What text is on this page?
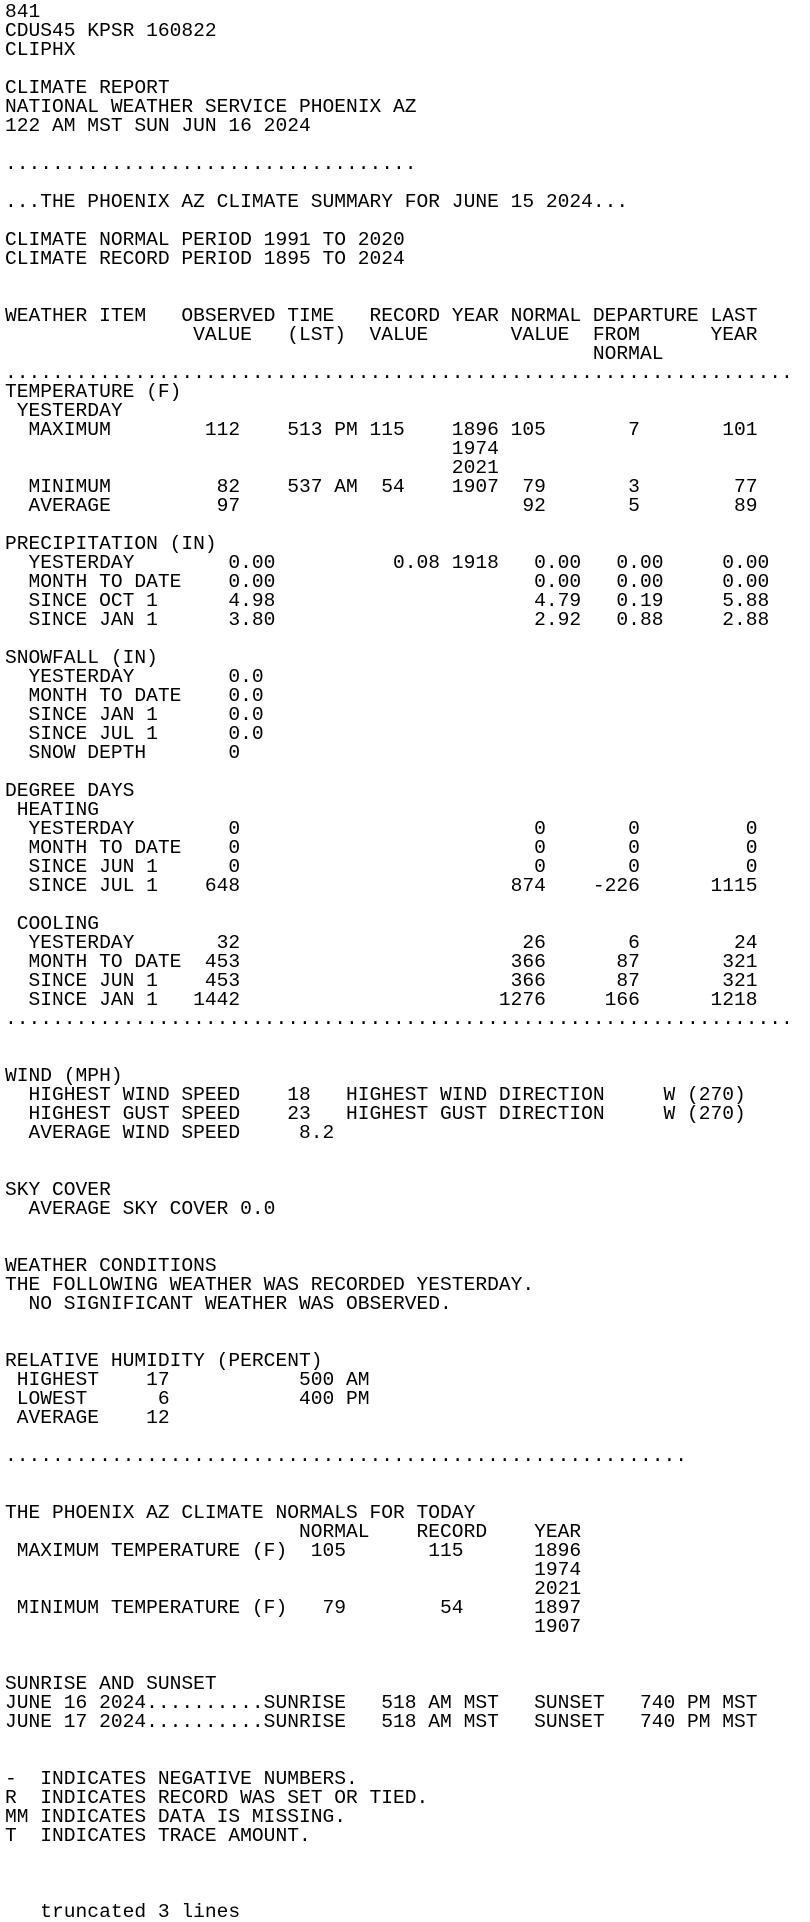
841
CDUS45 KPSR 160822
CLIPHX
CLIMATE REPORT
NATIONAL WEATHER SERVICE PHOENIX AZ
122 AM MST SUN JUN 16 2024
...................................
...THE PHOENIX AZ CLIMATE SUMMARY FOR JUNE 15 2024...
CLIMATE NORMAL PERIOD 1991 TO 2020
CLIMATE RECORD PERIOD 1895 TO 2024
WEATHER ITEM   OBSERVED TIME   RECORD YEAR NORMAL DEPARTURE LAST
VALUE   (LST)  VALUE       VALUE  FROM      YEAR
NORMAL
...................................................................
TEMPERATURE (F)
YESTERDAY
MAXIMUM        112    513 PM 115    1896 105       7       101
1974
2021
MINIMUM         82    537 AM  54    1907  79       3        77
AVERAGE         97                        92       5        89
PRECIPITATION (IN)
YESTERDAY        0.00          0.08 1918   0.00   0.00     0.00
MONTH TO DATE    0.00                      0.00   0.00     0.00
SINCE OCT 1      4.98                      4.79   0.19     5.88
SINCE JAN 1      3.80                      2.92   0.88     2.88
SNOWFALL (IN)
YESTERDAY        0.0
MONTH TO DATE    0.0
SINCE JAN 1      0.0
SINCE JUL 1      0.0
SNOW DEPTH       0
DEGREE DAYS
HEATING
YESTERDAY        0                         0       0         0
MONTH TO DATE    0                         0       0         0
SINCE JUN 1      0                         0       0         0
SINCE JUL 1    648                       874    -226      1115
COOLING
YESTERDAY       32                        26       6        24
MONTH TO DATE  453                       366      87       321
SINCE JUN 1    453                       366      87       321
SINCE JAN 1   1442                      1276     166      1218
...................................................................
WIND (MPH)
HIGHEST WIND SPEED    18   HIGHEST WIND DIRECTION     W (270)
HIGHEST GUST SPEED    23   HIGHEST GUST DIRECTION     W (270)
AVERAGE WIND SPEED     8.2
SKY COVER
AVERAGE SKY COVER 0.0
WEATHER CONDITIONS
THE FOLLOWING WEATHER WAS RECORDED YESTERDAY.
NO SIGNIFICANT WEATHER WAS OBSERVED.
RELATIVE HUMIDITY (PERCENT)
HIGHEST    17           500 AM
LOWEST      6           400 PM
AVERAGE    12
..........................................................
THE PHOENIX AZ CLIMATE NORMALS FOR TODAY
NORMAL    RECORD    YEAR
MAXIMUM TEMPERATURE (F)  105       115      1896
1974
2021
MINIMUM TEMPERATURE (F)   79        54      1897
1907
SUNRISE AND SUNSET
JUNE 16 2024..........SUNRISE   518 AM MST   SUNSET   740 PM MST
JUNE 17 2024..........SUNRISE   518 AM MST   SUNSET   740 PM MST
-  INDICATES NEGATIVE NUMBERS.
R  INDICATES RECORD WAS SET OR TIED.
MM INDICATES DATA IS MISSING.
T  INDICATES TRACE AMOUNT.
truncated 3 lines
